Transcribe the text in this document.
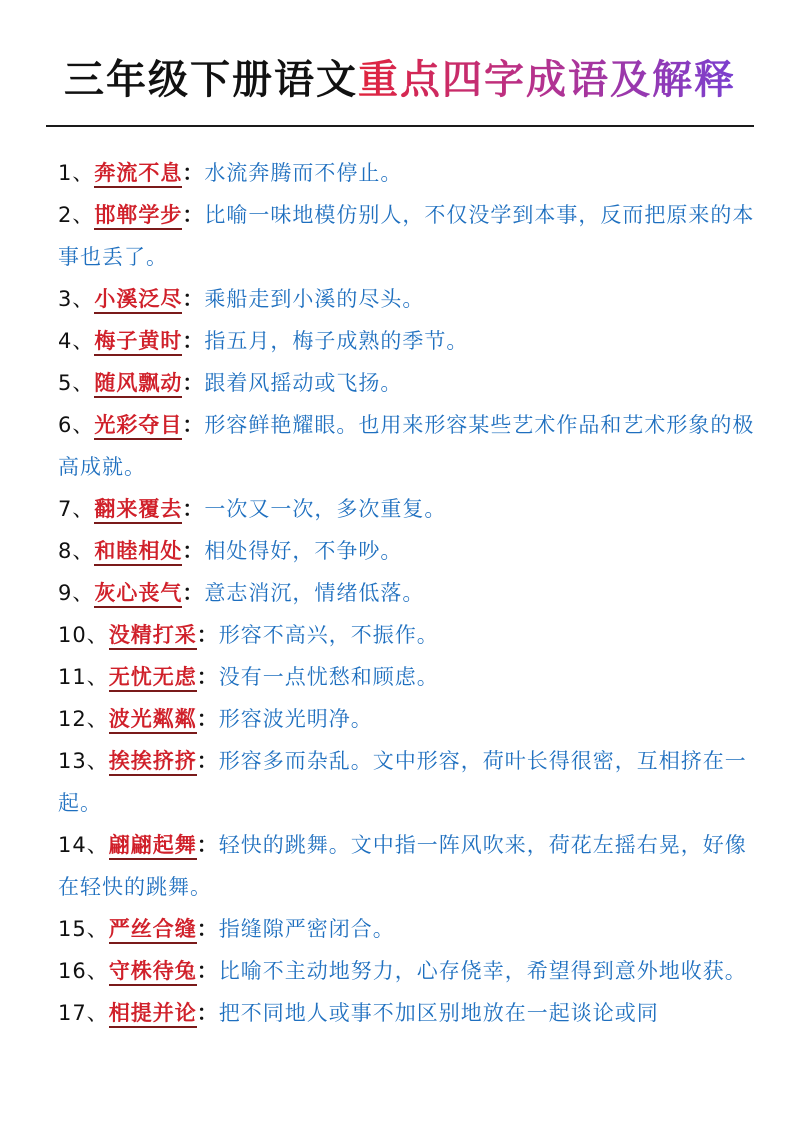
三年级下册语文重点四字成语及解释
1、奔流不息：水流奔腾而不停止。
2、邯郸学步：比喻一味地模仿别人，不仅没学到本事，反而把原来的本事也丢了。
3、小溪泛尽：乘船走到小溪的尽头。
4、梅子黄时：指五月，梅子成熟的季节。
5、随风飘动：跟着风摇动或飞扬。
6、光彩夺目：形容鲜艳耀眼。也用来形容某些艺术作品和艺术形象的极高成就。
7、翻来覆去：一次又一次，多次重复。
8、和睦相处：相处得好，不争吵。
9、灰心丧气：意志消沉，情绪低落。
10、没精打采：形容不高兴，不振作。
11、无忧无虑：没有一点忧愁和顾虑。
12、波光粼粼：形容波光明净。
13、挨挨挤挤：形容多而杂乱。文中形容，荷叶长得很密，互相挤在一起。
14、翩翩起舞：轻快的跳舞。文中指一阵风吹来，荷花左摇右晃，好像在轻快的跳舞。
15、严丝合缝：指缝隙严密闭合。
16、守株待兔：比喻不主动地努力，心存侥幸，希望得到意外地收获。
17、相提并论：把不同地人或事不加区别地放在一起谈论或同
